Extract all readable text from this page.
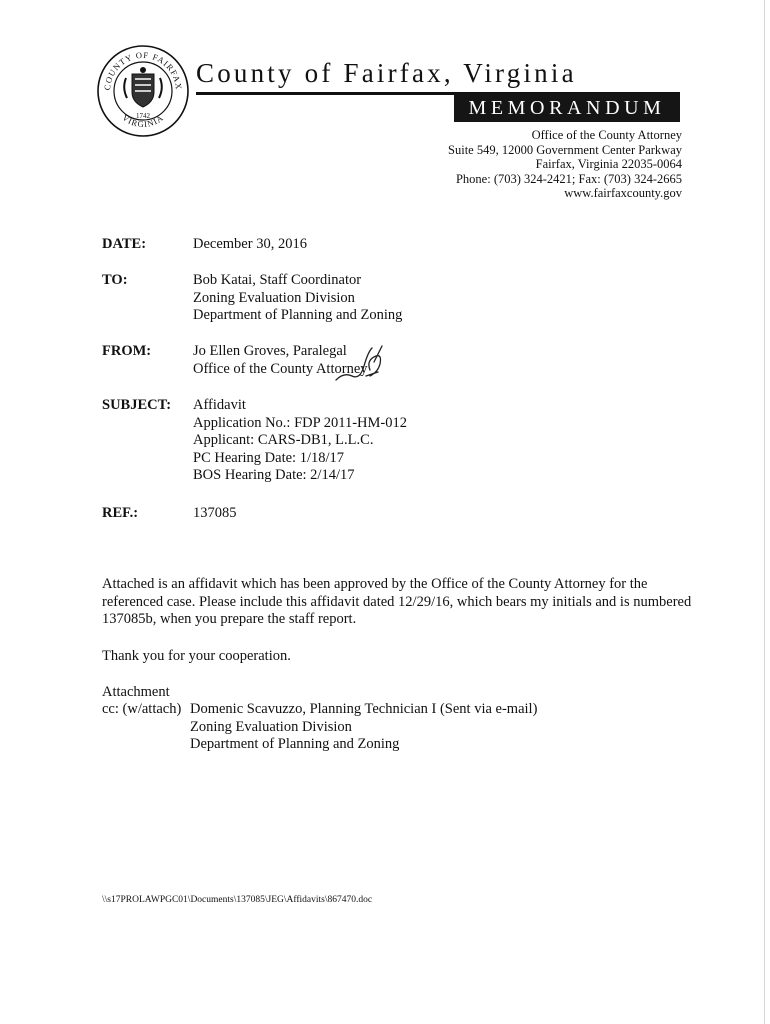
COUNTY OF FAIRFAX
VIRGINIA
1742
County of Fairfax, Virginia
MEMORANDUM
Office of the County Attorney
Suite 549, 12000 Government Center Parkway
Fairfax, Virginia 22035-0064
Phone: (703) 324-2421; Fax: (703) 324-2665
www.fairfaxcounty.gov
DATE:	December 30, 2016
TO:	Bob Katai, Staff Coordinator
Zoning Evaluation Division
Department of Planning and Zoning
FROM:	Jo Ellen Groves, Paralegal
Office of the County Attorney
SUBJECT: Affidavit
Application No.: FDP 2011-HM-012
Applicant: CARS-DB1, L.L.C.
PC Hearing Date: 1/18/17
BOS Hearing Date: 2/14/17
REF.:	137085
Attached is an affidavit which has been approved by the Office of the County Attorney for the referenced case. Please include this affidavit dated 12/29/16, which bears my initials and is numbered 137085b, when you prepare the staff report.
Thank you for your cooperation.
Attachment
cc: (w/attach) Domenic Scavuzzo, Planning Technician I (Sent via e-mail)
Zoning Evaluation Division
Department of Planning and Zoning
\\s17PROLAWPGC01\Documents\137085\JEG\Affidavits\867470.doc
